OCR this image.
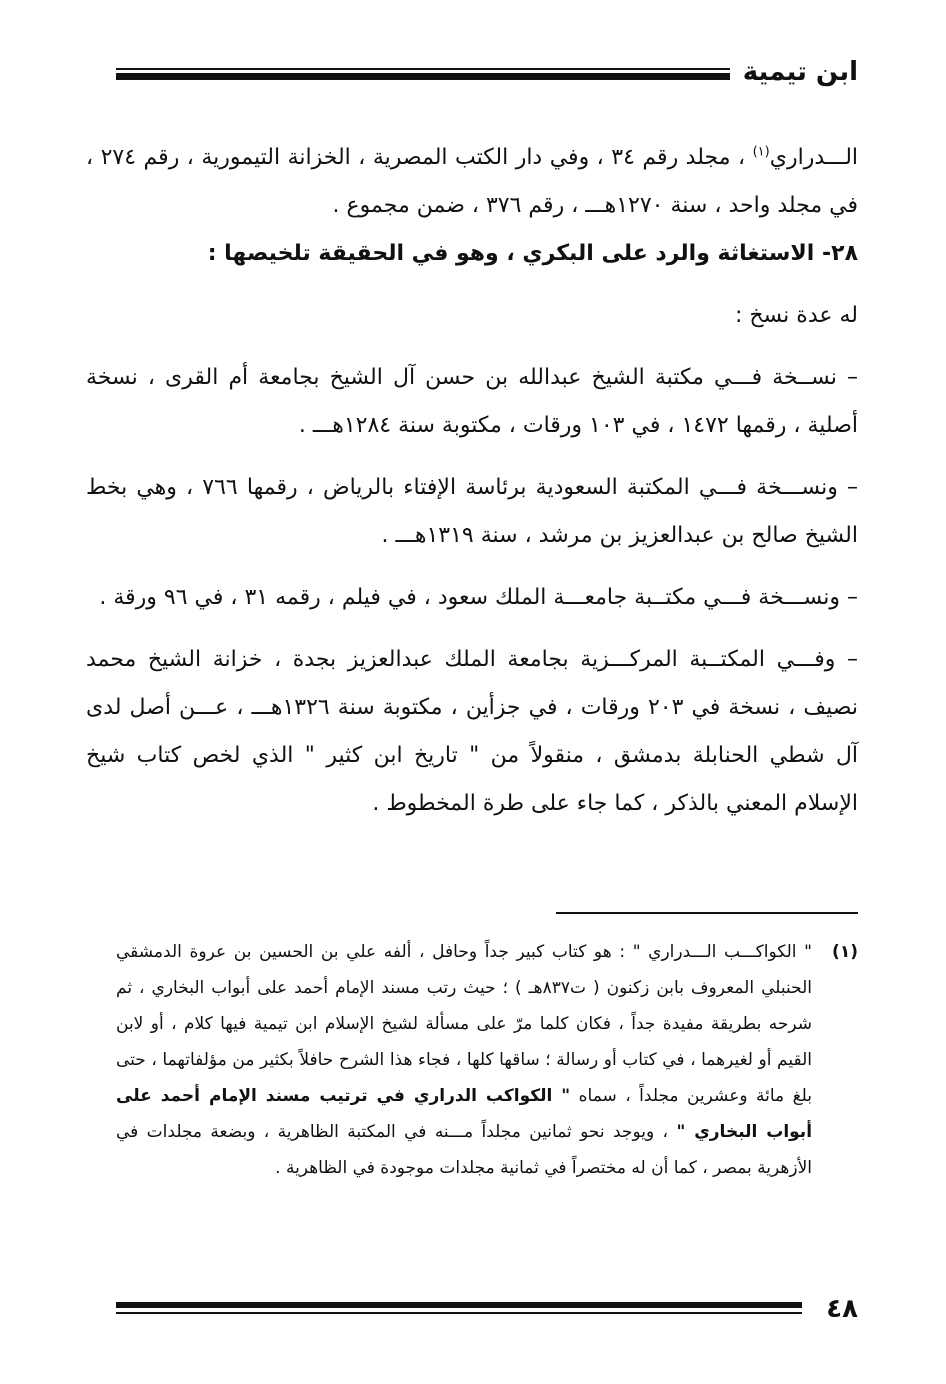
ابن تيمية

الـــدراري$^{(١)}$ ، مجلد رقم ٣٤ ، وفي دار الكتب المصرية ، الخزانة التيمورية ، رقم ٢٧٤ ، في مجلد واحد ، سنة ١٢٧٠هـــ ، رقم ٣٧٦ ، ضمن مجموع .

٢٨- الاستغاثة والرد على البكري ، وهو في الحقيقة تلخيصها :

له عدة نسخ :

– نســخة فـــي مكتبة الشيخ عبدالله بن حسن آل الشيخ بجامعة أم القرى ، نسخة أصلية ، رقمها ١٤٧٢ ، في ١٠٣ ورقات ، مكتوبة سنة ١٢٨٤هـــ .

– ونســـخة فـــي المكتبة السعودية برئاسة الإفتاء بالرياض ، رقمها ٧٦٦ ، وهي بخط الشيخ صالح بن عبدالعزيز بن مرشد ، سنة ١٣١٩هـــ .

– ونســـخة فـــي مكتــبة جامعـــة الملك سعود ، في فيلم ، رقمه ٣١ ، في ٩٦ ورقة .

– وفـــي المكتــبة المركـــزية بجامعة الملك عبدالعزيز بجدة ، خزانة الشيخ محمد نصيف ، نسخة في ٢٠٣ ورقات ، في جزأين ، مكتوبة سنة ١٣٢٦هـــ ، عـــن أصل لدى آل شطي الحنابلة بدمشق ، منقولاً من " تاريخ ابن كثير " الذي لخص كتاب شيخ الإسلام المعني بالذكر ، كما جاء على طرة المخطوط .

(١)
" الكواكـــب الـــدراري " : هو كتاب كبير جداً وحافل ، ألفه علي بن الحسين بن عروة الدمشقي الحنبلي المعروف بابن زكنون ( ت٨٣٧هـ ) ؛ حيث رتب مسند الإمام أحمد على أبواب البخاري ، ثم شرحه بطريقة مفيدة جداً ، فكان كلما مرّ على مسألة لشيخ الإسلام ابن تيمية فيها كلام ، أو لابن القيم أو لغيرهما ، في كتاب أو رسالة ؛ ساقها كلها ، فجاء هذا الشرح حافلاً بكثير من مؤلفاتهما ، حتى بلغ مائة وعشرين مجلداً ، سماه " الكواكب الدراري في ترتيب مسند الإمام أحمد على أبواب البخاري " ، ويوجد نحو ثمانين مجلداً مـــنه في المكتبة الظاهرية ، وبضعة مجلدات في الأزهرية بمصر ، كما أن له مختصراً في ثمانية مجلدات موجودة في الظاهرية .
٤٨
